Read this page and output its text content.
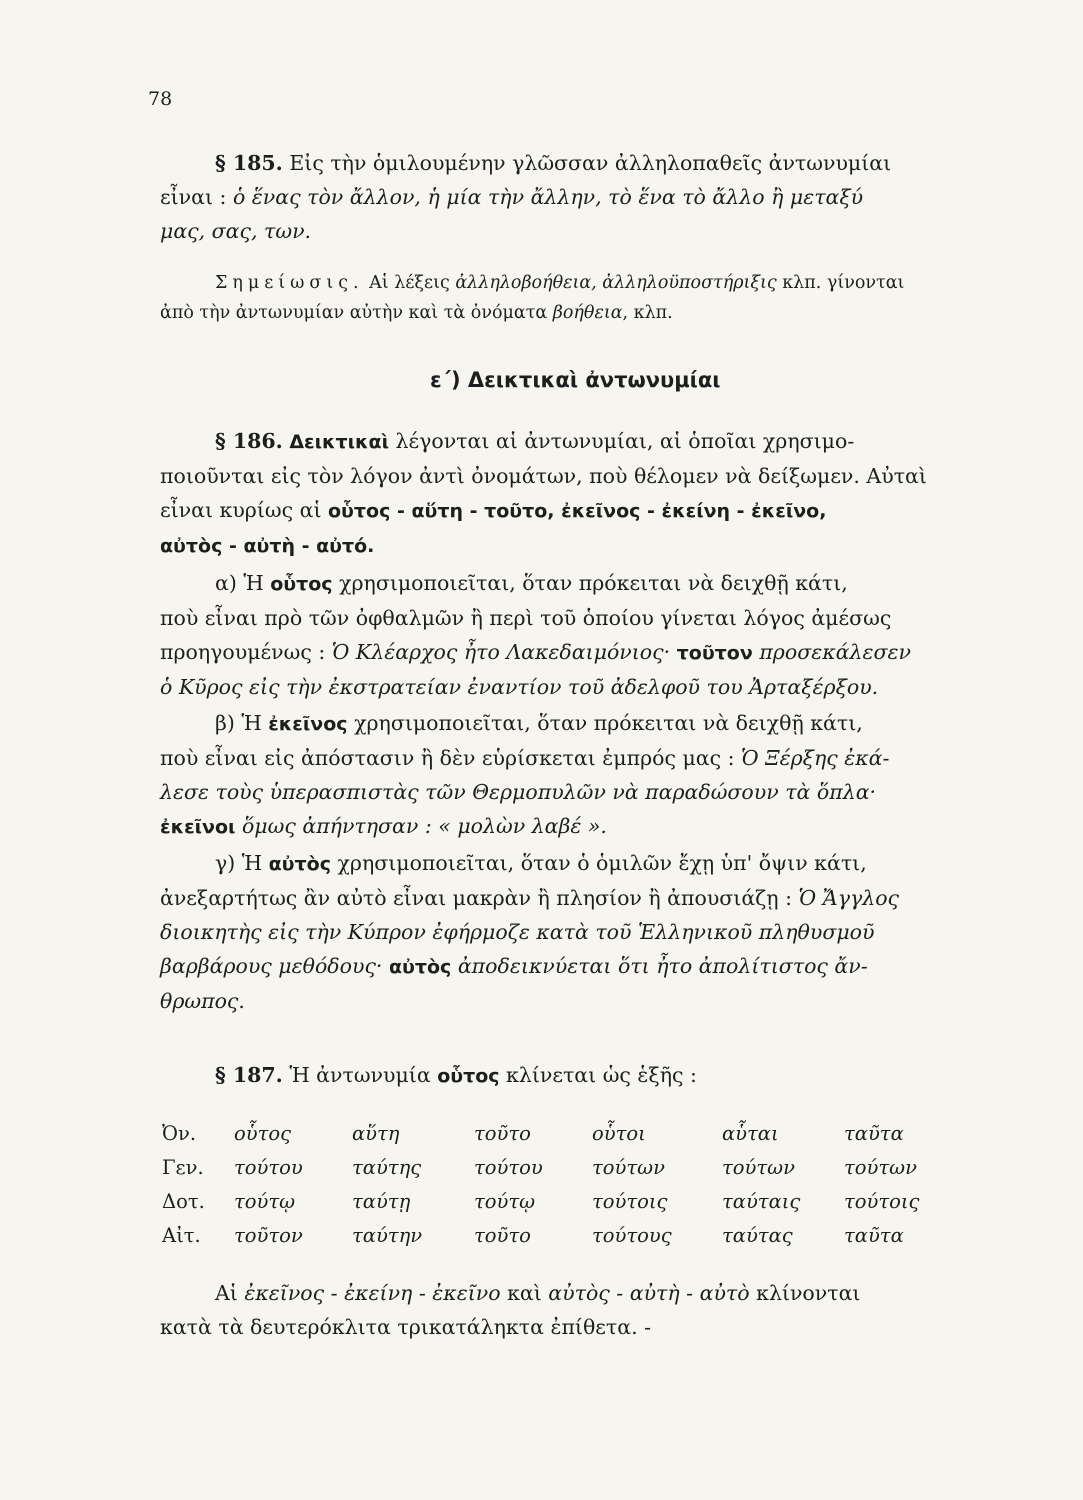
78

§ 185. Εἰς τὴν ὁμιλουμένην γλῶσσαν ἀλληλοπαθεῖς ἀντωνυμίαι

εἶναι : ὁ ἕνας τὸν ἄλλον, ἡ μία τὴν ἄλλην, τὸ ἕνα τὸ ἄλλο ἢ μεταξύ

μας, σας, των.

Σημείωσις. Αἱ λέξεις ἀλληλοβοήθεια, ἀλληλοϋποστήριξις κλπ. γίνονται

ἀπὸ τὴν ἀντωνυμίαν αὐτὴν καὶ τὰ ὀνόματα βοήθεια, κλπ.

ε΄) Δεικτικαὶ ἀντωνυμίαι

§ 186. Δεικτικαὶ λέγονται αἱ ἀντωνυμίαι, αἱ ὁποῖαι χρησιμο-

ποιοῦνται εἰς τὸν λόγον ἀντὶ ὀνομάτων, ποὺ θέλομεν νὰ δείξωμεν. Αὐταὶ

εἶναι κυρίως αἱ οὗτος - αὕτη - τοῦτο, ἐκεῖνος - ἐκείνη - ἐκεῖνο,

αὐτὸς - αὐτὴ - αὐτό.

α) Ἡ οὗτος χρησιμοποιεῖται, ὅταν πρόκειται νὰ δειχθῇ κάτι,

ποὺ εἶναι πρὸ τῶν ὀφθαλμῶν ἢ περὶ τοῦ ὁποίου γίνεται λόγος ἀμέσως

προηγουμένως : Ὁ Κλέαρχος ἦτο Λακεδαιμόνιος· τοῦτον προσεκάλεσεν

ὁ Κῦρος εἰς τὴν ἐκστρατείαν ἐναντίον τοῦ ἀδελφοῦ του Ἀρταξέρξου.

β) Ἡ ἐκεῖνος χρησιμοποιεῖται, ὅταν πρόκειται νὰ δειχθῇ κάτι,

ποὺ εἶναι εἰς ἀπόστασιν ἢ δὲν εὑρίσκεται ἐμπρός μας : Ὁ Ξέρξης ἐκά-

λεσε τοὺς ὑπερασπιστὰς τῶν Θερμοπυλῶν νὰ παραδώσουν τὰ ὅπλα·

ἐκεῖνοι ὅμως ἀπήντησαν : « μολὼν λαβέ ».

γ) Ἡ αὐτὸς χρησιμοποιεῖται, ὅταν ὁ ὁμιλῶν ἔχῃ ὑπ' ὄψιν κάτι,

ἀνεξαρτήτως ἂν αὐτὸ εἶναι μακρὰν ἢ πλησίον ἢ ἀπουσιάζῃ : Ὁ Ἄγγλος

διοικητὴς εἰς τὴν Κύπρον ἐφήρμοζε κατὰ τοῦ Ἑλληνικοῦ πληθυσμοῦ

βαρβάρους μεθόδους· αὐτὸς ἀποδεικνύεται ὅτι ἦτο ἀπολίτιστος ἄν-

θρωπος.

§ 187. Ἡ ἀντωνυμία οὗτος κλίνεται ὡς ἑξῆς :

Ὀν.	οὗτος	αὕτη	τοῦτο	οὗτοι	αὗται	ταῦτα
Γεν.	τούτου	ταύτης	τούτου	τούτων	τούτων	τούτων
Δοτ.	τούτῳ	ταύτῃ	τούτῳ	τούτοις	ταύταις	τούτοις
Αἰτ.	τοῦτον	ταύτην	τοῦτο	τούτους	ταύτας	ταῦτα

Αἱ ἐκεῖνος - ἐκείνη - ἐκεῖνο καὶ αὐτὸς - αὐτὴ - αὐτὸ κλίνονται

κατὰ τὰ δευτερόκλιτα τρικατάληκτα ἐπίθετα. -
